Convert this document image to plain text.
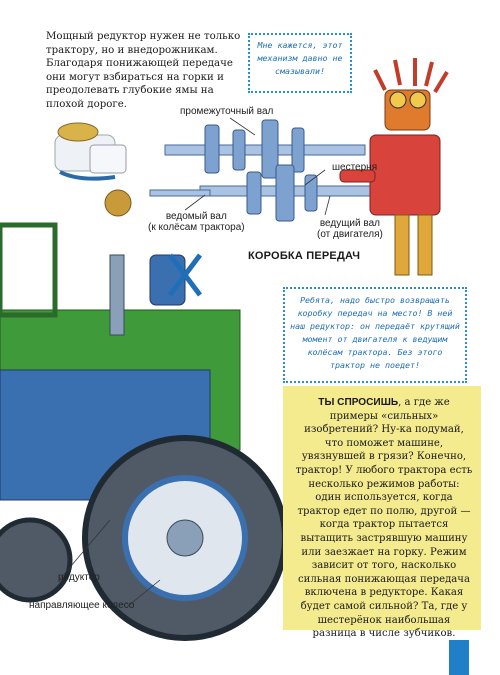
Мощный редуктор нужен не только трактору, но и внедорожникам. Благодаря понижающей передаче они могут взбираться на горки и преодолевать глубокие ямы на плохой дороге.
Мне кажется, этот механизм давно не смазывали!
промежуточный вал
шестерня
ведомый вал
(к колёсам трактора)	ведущий вал
(от двигателя)
КОРОБКА ПЕРЕДАЧ
Ребята, надо быстро возвращать коробку передач на место! В ней наш редуктор: он передаёт крутящий момент от двигателя к ведущим колёсам трактора. Без этого трактор не поедет!
ТЫ СПРОСИШЬ, а где же примеры «сильных» изобретений? Ну-ка подумай, что поможет машине, увязнувшей в грязи? Конечно, трактор! У любого трактора есть несколько режимов работы: один используется, когда трактор едет по полю, другой — когда трактор пытается вытащить застрявшую машину или заезжает на горку. Режим зависит от того, насколько сильная понижающая передача включена в редукторе. Какая будет самой сильной? Та, где у шестерёнок наибольшая разница в числе зубчиков.
редуктор
направляющее колесо
